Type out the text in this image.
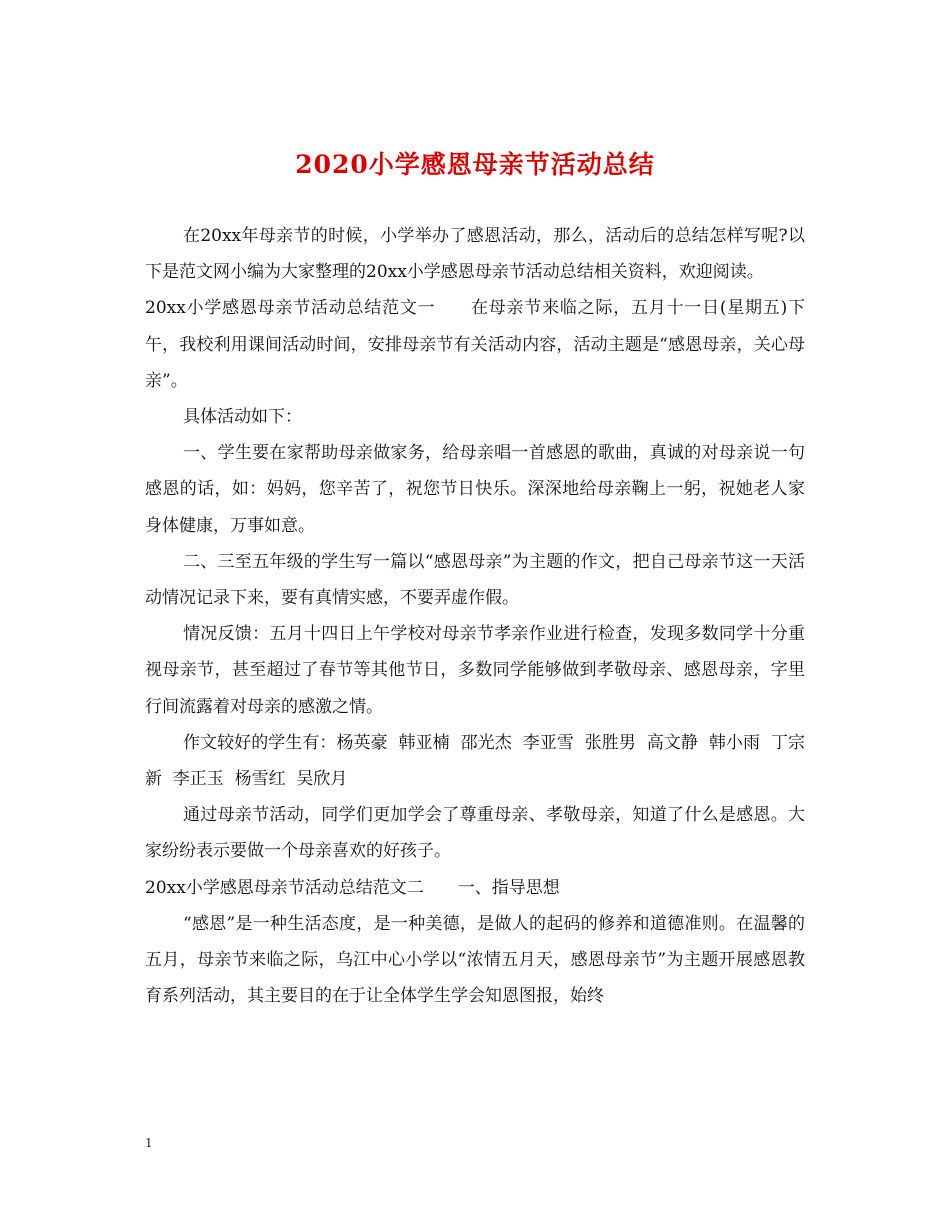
2020小学感恩母亲节活动总结

在20xx年母亲节的时候，小学举办了感恩活动，那么，活动后的总结怎样写呢?以下是范文网小编为大家整理的20xx小学感恩母亲节活动总结相关资料，欢迎阅读。

20xx小学感恩母亲节活动总结范文一　　在母亲节来临之际，五月十一日(星期五)下午，我校利用课间活动时间，安排母亲节有关活动内容，活动主题是“感恩母亲，关心母亲”。

具体活动如下：

一、学生要在家帮助母亲做家务，给母亲唱一首感恩的歌曲，真诚的对母亲说一句感恩的话，如：妈妈，您辛苦了，祝您节日快乐。深深地给母亲鞠上一躬，祝她老人家身体健康，万事如意。

二、三至五年级的学生写一篇以“感恩母亲”为主题的作文，把自己母亲节这一天活动情况记录下来，要有真情实感，不要弄虚作假。

情况反馈：五月十四日上午学校对母亲节孝亲作业进行检查，发现多数同学十分重视母亲节，甚至超过了春节等其他节日，多数同学能够做到孝敬母亲、感恩母亲，字里行间流露着对母亲的感激之情。

作文较好的学生有：杨英豪  韩亚楠  邵光杰  李亚雪  张胜男  高文静  韩小雨  丁宗新  李正玉  杨雪红  吴欣月

通过母亲节活动，同学们更加学会了尊重母亲、孝敬母亲，知道了什么是感恩。大家纷纷表示要做一个母亲喜欢的好孩子。

20xx小学感恩母亲节活动总结范文二　　一、指导思想

“感恩”是一种生活态度，是一种美德，是做人的起码的修养和道德准则。在温馨的五月，母亲节来临之际，乌江中心小学以“浓情五月天，感恩母亲节”为主题开展感恩教育系列活动，其主要目的在于让全体学生学会知恩图报，始终

1
